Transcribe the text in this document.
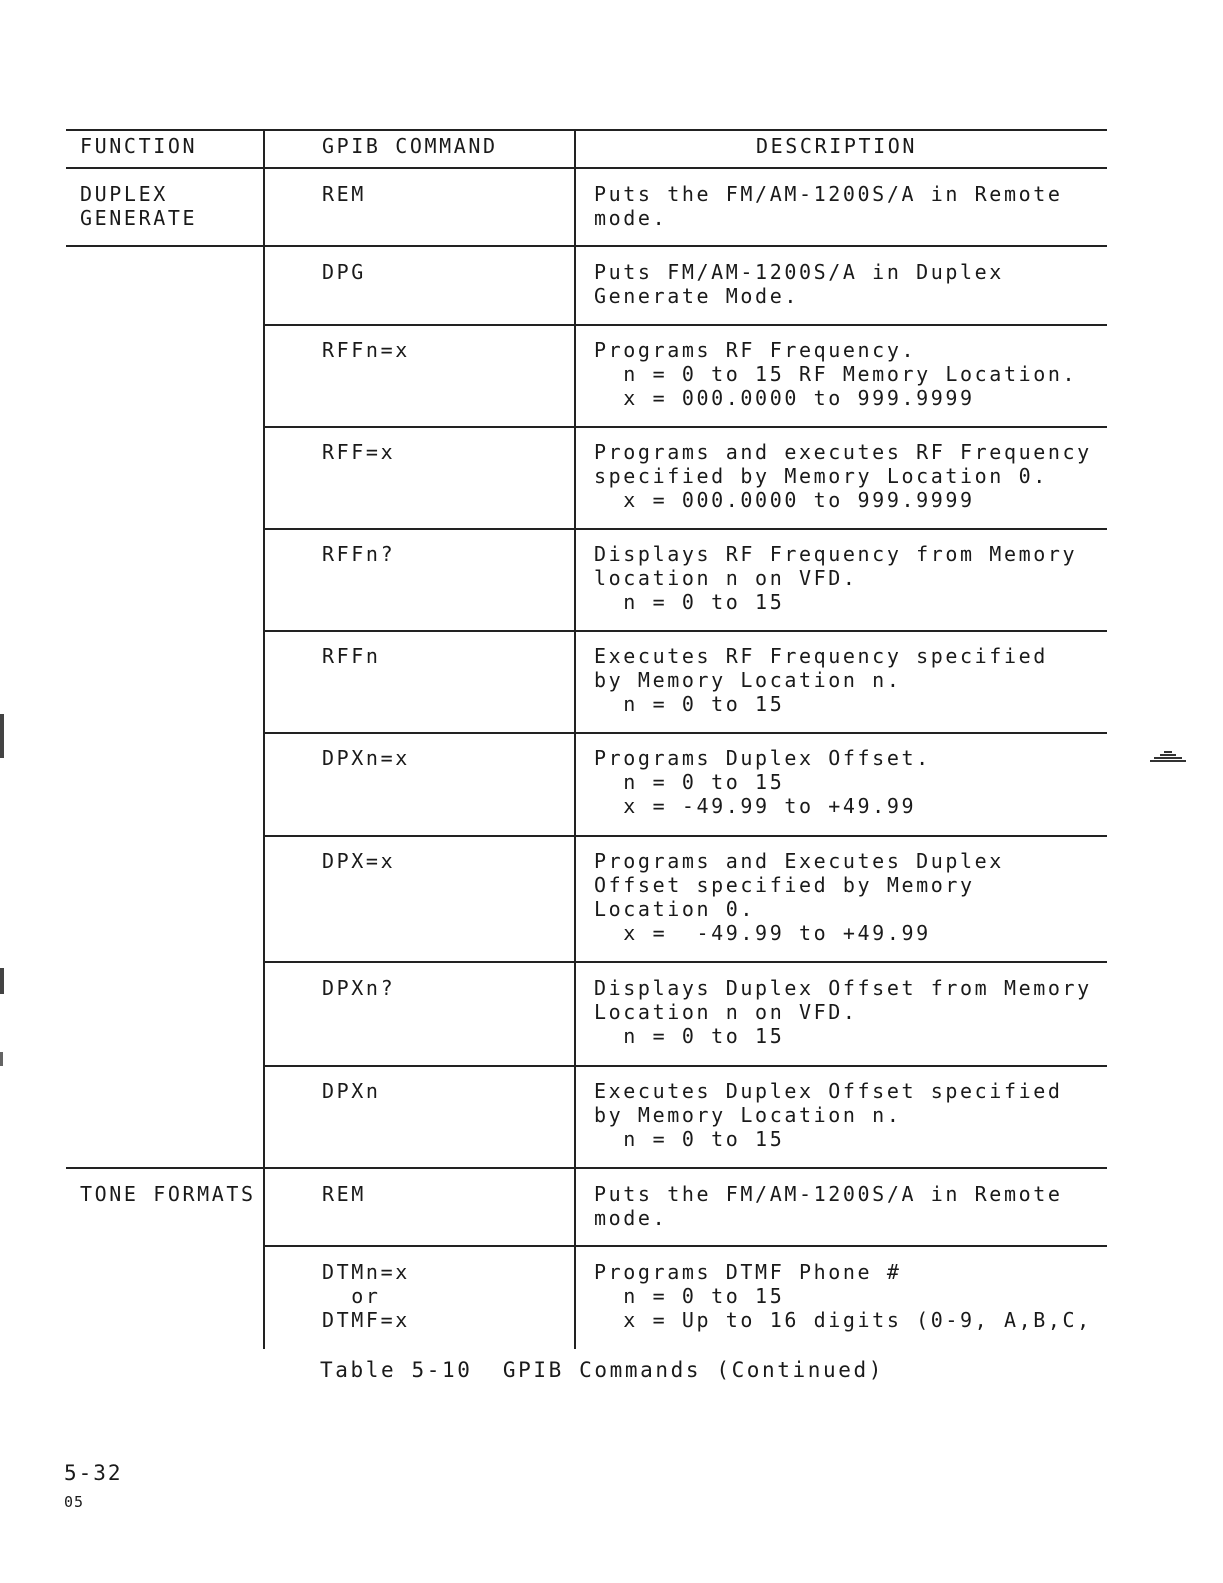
FUNCTION	GPIB COMMAND	DESCRIPTION
DUPLEX
GENERATE
TONE FORMATS
REM
DPG
RFFn=x
RFF=x
RFFn?
RFFn
DPXn=x
DPX=x
DPXn?
DPXn
REM
DTMn=x
or
DTMF=x
Puts the FM/AM-1200S/A in Remote
mode.
Puts FM/AM-1200S/A in Duplex
Generate Mode.
Programs RF Frequency.
n = 0 to 15 RF Memory Location.
x = 000.0000 to 999.9999
Programs and executes RF Frequency
specified by Memory Location 0.
x = 000.0000 to 999.9999
Displays RF Frequency from Memory
location n on VFD.
n = 0 to 15
Executes RF Frequency specified
by Memory Location n.
n = 0 to 15
Programs Duplex Offset.
n = 0 to 15
x = -49.99 to +49.99
Programs and Executes Duplex
Offset specified by Memory
Location 0.
x =  -49.99 to +49.99
Displays Duplex Offset from Memory
Location n on VFD.
n = 0 to 15
Executes Duplex Offset specified
by Memory Location n.
n = 0 to 15
Puts the FM/AM-1200S/A in Remote
mode.
Programs DTMF Phone #
n = 0 to 15
x = Up to 16 digits (0-9, A,B,C,
Table 5-10  GPIB Commands (Continued)
5-32
05
